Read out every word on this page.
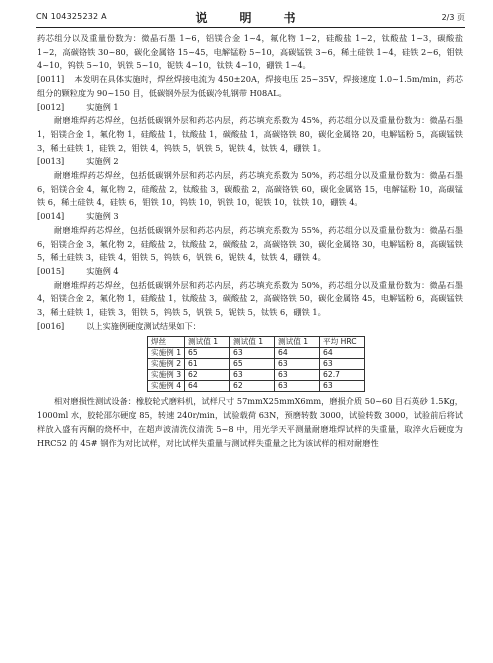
CN 104325232 A	说　明　书	2/3 页

药芯组分以及重量份数为：微晶石墨 1~6，铝镁合金 1~4，氟化物 1~2，硅酸盐 1~2，钛酸盐 1~3，碳酸盐 1~2，高碳铬铁 30~80，碳化金属铬 15~45，电解锰粉 5~10，高碳锰铁 3~6，稀土硅铁 1~4，硅铁 2~6，钼铁 4~10，钨铁 5~10，钒铁 5~10，铌铁 4~10，钛铁 4~10，硼铁 1~4。

[0011] 本发明在具体实施时，焊丝焊接电流为 450±20A，焊接电压 25~35V，焊接速度 1.0~1.5m/min，药芯组分的颗粒度为 90~150 目，低碳钢外层为低碳冷轧钢带 H08AL。

[0012]	实施例 1

耐磨堆焊药芯焊丝，包括低碳钢外层和药芯内层，药芯填充系数为 45%，药芯组分以及重量份数为：微晶石墨 1，铝镁合金 1，氟化物 1，硅酸盐 1，钛酸盐 1，碳酸盐 1，高碳铬铁 80，碳化金属铬 20，电解锰粉 5，高碳锰铁 3，稀土硅铁 1，硅铁 2，钼铁 4，钨铁 5，钒铁 5，铌铁 4，钛铁 4，硼铁 1。

[0013]	实施例 2

耐磨堆焊药芯焊丝，包括低碳钢外层和药芯内层，药芯填充系数为 50%，药芯组分以及重量份数为：微晶石墨 6，铝镁合金 4，氟化物 2，硅酸盐 2，钛酸盐 3，碳酸盐 2，高碳铬铁 60，碳化金属铬 15，电解锰粉 10，高碳锰铁 6，稀土硅铁 4，硅铁 6，钼铁 10，钨铁 10，钒铁 10，铌铁 10，钛铁 10，硼铁 4。

[0014]	实施例 3

耐磨堆焊药芯焊丝，包括低碳钢外层和药芯内层，药芯填充系数为 55%，药芯组分以及重量份数为：微晶石墨 6，铝镁合金 3，氟化物 2，硅酸盐 2，钛酸盐 2，碳酸盐 2，高碳铬铁 30，碳化金属铬 30，电解锰粉 8，高碳锰铁 5，稀土硅铁 3，硅铁 4，钼铁 5，钨铁 6，钒铁 6，铌铁 4，钛铁 4，硼铁 4。

[0015]	实施例 4

耐磨堆焊药芯焊丝，包括低碳钢外层和药芯内层，药芯填充系数为 50%，药芯组分以及重量份数为：微晶石墨 4，铝镁合金 2，氟化物 1，硅酸盐 1，钛酸盐 3，碳酸盐 2，高碳铬铁 50，碳化金属铬 45，电解锰粉 6，高碳锰铁 3，稀土硅铁 1，硅铁 3，钼铁 5，钨铁 5，钒铁 5，铌铁 5，钛铁 6，硼铁 1。

[0016]	以上实施例硬度测试结果如下：

焊丝	测试值 1	测试值 1	测试值 1	平均 HRC
实施例 1	65	63	64	64
实施例 2	61	65	63	63
实施例 3	62	63	63	62.7
实施例 4	64	62	63	63

相对磨损性测试设备：橡胶轮式磨料机，试样尺寸 57mmX25mmX6mm，磨损介质 50~60 目石英砂 1.5Kg，1000ml 水，胶轮邵尔硬度 85，转速 240r/min，试验载荷 63N，预磨转数 3000，试验转数 3000，试验前后将试样放入盛有丙酮的烧杯中，在超声波清洗仪清洗 5~8 中，用光学天平测量耐磨堆焊试样的失重量，取淬火后硬度为 HRC52 的 45# 钢作为对比试样，对比试样失重量与测试样失重量之比为该试样的相对耐磨性
